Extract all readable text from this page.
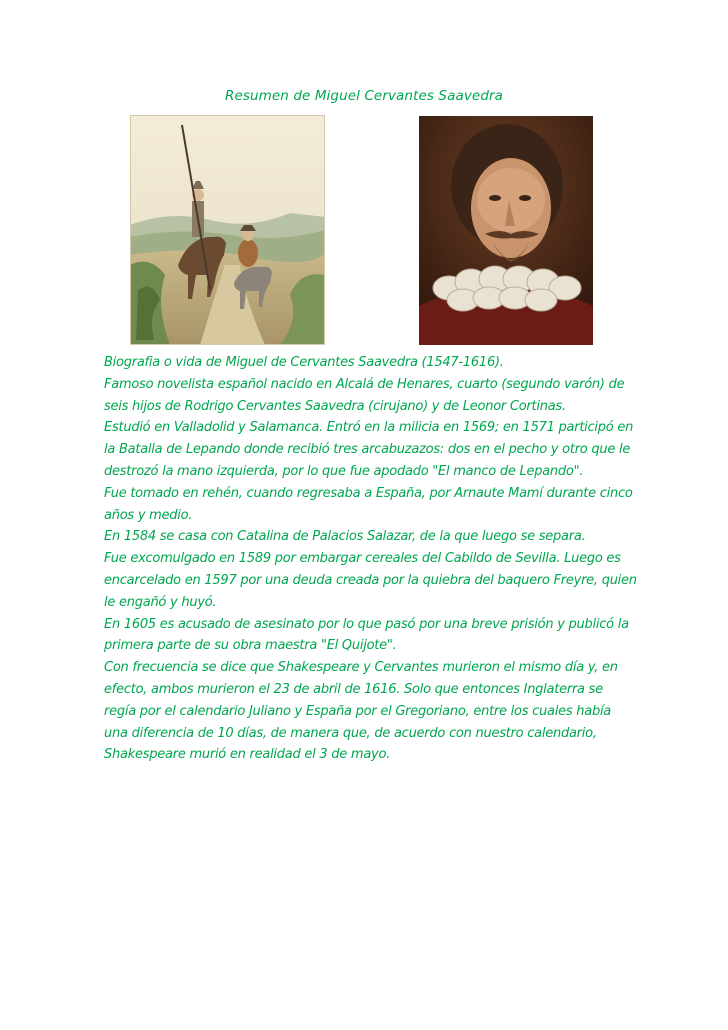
Resumen de Miguel Cervantes Saavedra

Biografia o vida de Miguel de Cervantes Saavedra (1547-1616).

Famoso novelista español nacido en Alcalá de Henares, cuarto (segundo varón) de

seis hijos de Rodrigo Cervantes Saavedra (cirujano) y de Leonor Cortinas.

Estudió en Valladolid y Salamanca. Entró en la milicia en 1569; en 1571 participó en

la Batalla de Lepando donde recibió tres arcabuzazos: dos en el pecho y otro que le

destrozó la mano izquierda, por lo que fue apodado "El manco de Lepando".

Fue tomado en rehén, cuando regresaba a España, por Arnaute Mamí durante cinco

años y medio.

En 1584 se casa con Catalina de Palacios Salazar, de la que luego se separa.

Fue excomulgado en 1589 por embargar cereales del Cabildo de Sevilla. Luego es

encarcelado en 1597 por una deuda creada por la quiebra del baquero Freyre, quien

le engañó y huyó.

En 1605 es acusado de asesinato por lo que pasó por una breve prisión y publicó la

primera parte de su obra maestra "El Quijote".

Con frecuencia se dice que Shakespeare y Cervantes murieron el mismo día y, en

efecto, ambos murieron el 23 de abril de 1616. Solo que entonces Inglaterra se

regía por el calendario Juliano y España por el Gregoriano, entre los cuales había

una diferencia de 10 días, de manera que, de acuerdo con nuestro calendario,

Shakespeare murió en realidad el 3 de mayo.
